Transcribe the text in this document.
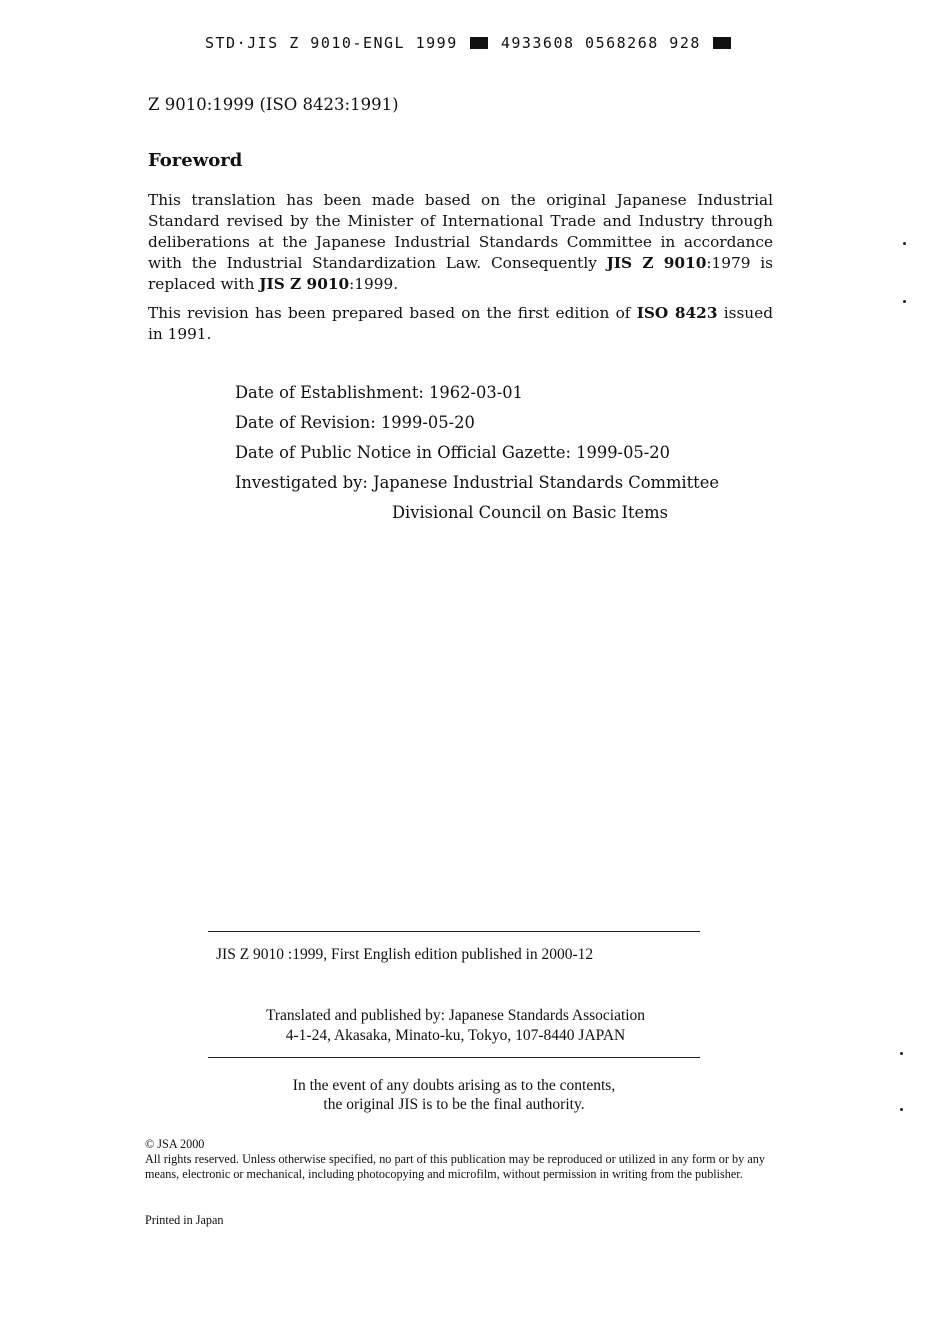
STD·JIS Z 9010-ENGL 1999	4933608 0568268 928
Z 9010:1999 (ISO 8423:1991)
Foreword
This translation has been made based on the original Japanese Industrial Standard revised by the Minister of International Trade and Industry through deliberations at the Japanese Industrial Standards Committee in accordance with the Industrial Standardization Law. Consequently JIS Z 9010:1979 is replaced with JIS Z 9010:1999.
This revision has been prepared based on the first edition of ISO 8423 issued in 1991.
Date of Establishment: 1962-03-01
Date of Revision: 1999-05-20
Date of Public Notice in Official Gazette: 1999-05-20
Investigated by: Japanese Industrial Standards Committee
Divisional Council on Basic Items
JIS Z 9010 :1999, First English edition published in 2000-12
Translated and published by: Japanese Standards Association
4-1-24, Akasaka, Minato-ku, Tokyo, 107-8440 JAPAN
In the event of any doubts arising as to the contents,
the original JIS is to be the final authority.
© JSA 2000
All rights reserved. Unless otherwise specified, no part of this publication may be reproduced or utilized in any form or by any means, electronic or mechanical, including photocopying and microfilm, without permission in writing from the publisher.
Printed in Japan
